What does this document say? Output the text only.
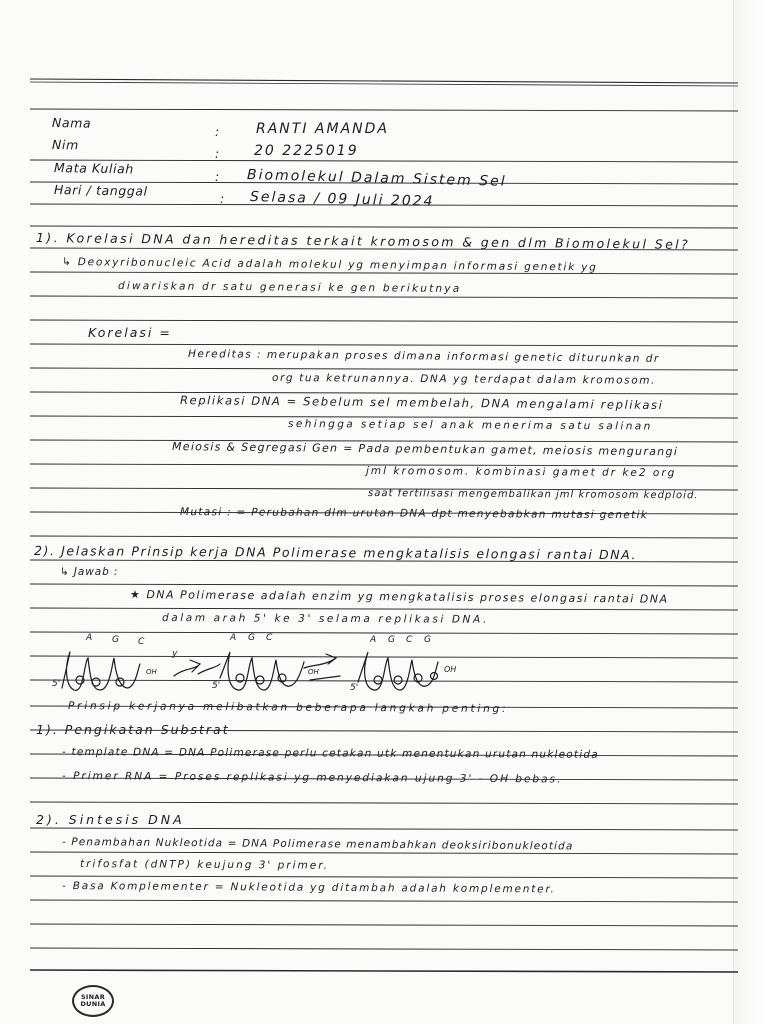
Nama
:	RANTI AMANDA
Nim
: 20 2225019
Mata Kuliah
: Biomolekul Dalam Sistem Sel
Hari / tanggal	: Selasa / 09 Juli 2024
1). Korelasi DNA dan hereditas terkait kromosom & gen dlm Biomolekul Sel?
↳ Deoxyribonucleic Acid adalah molekul yg menyimpan informasi genetik yg
diwariskan dr satu generasi ke gen berikutnya
Korelasi =
Hereditas : merupakan proses dimana informasi genetic diturunkan dr
org tua ketrunannya. DNA yg terdapat dalam kromosom.
Replikasi DNA = Sebelum sel membelah, DNA mengalami replikasi
sehingga setiap sel anak menerima satu salinan
Meiosis & Segregasi Gen = Pada pembentukan gamet, meiosis mengurangi
jml kromosom. kombinasi gamet dr ke2 org
saat fertilisasi mengembalikan jml kromosom kedploid.
Mutasi : = Perubahan dlm urutan DNA dpt menyebabkan mutasi genetik
2). Jelaskan Prinsip kerja DNA Polimerase mengkatalisis elongasi rantai DNA.
↳ Jawab :
★ DNA Polimerase adalah enzim yg mengkatalisis proses elongasi rantai DNA
dalam arah 5' ke 3' selama replikasi DNA.
A G C
5'
OH
y
A G C
5'
OH
A G C G
5'
OH
Prinsip kerjanya melibatkan beberapa langkah penting:
1). Pengikatan Substrat
- template DNA = DNA Polimerase perlu cetakan utk menentukan urutan nukleotida
- Primer RNA = Proses replikasi yg menyediakan ujung 3' - OH bebas.
2). Sintesis DNA
- Penambahan Nukleotida = DNA Polimerase menambahkan deoksiribonukleotida
trifosfat (dNTP) keujung 3' primer.
- Basa Komplementer = Nukleotida yg ditambah adalah komplementer.
SINAR
DUNIA
